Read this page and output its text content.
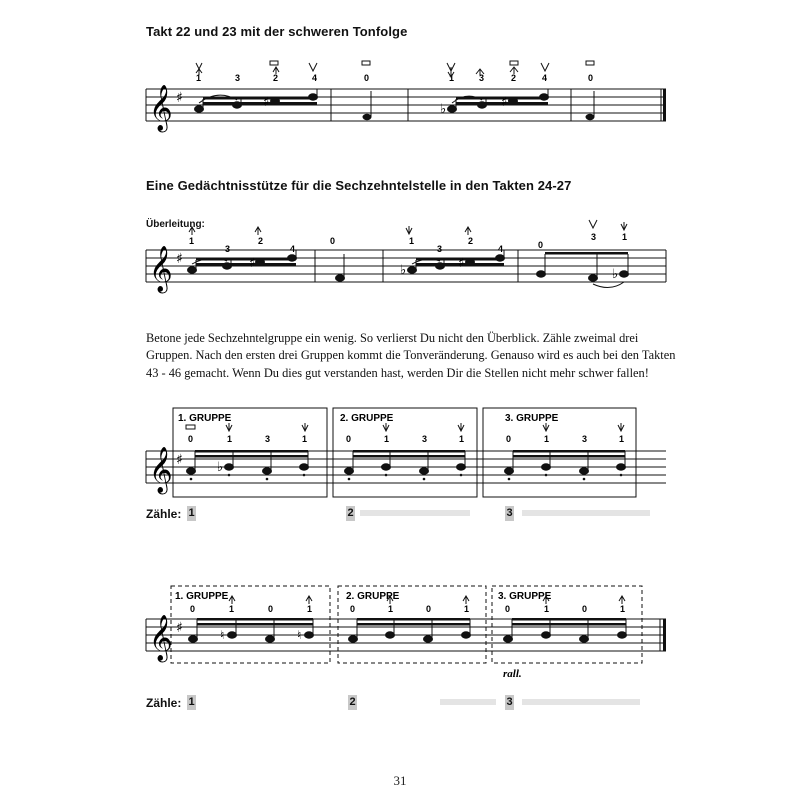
Takt 22 und 23 mit der schweren Tonfolge
𝄞 ♯	♯	♭	♯
1	3	2	4	0	1	3	2	4	0
Eine Gedächtnisstütze für die Sechzehntelstelle in den Takten 24-27
Überleitung:
𝄞 ♯	♯	♭	♯
♭
1
3
2
4
0	1
3
2
4	0
3	1
Betone jede Sechzehntelgruppe ein wenig. So verlierst Du nicht den Überblick. Zähle zweimal drei
Gruppen. Nach den ersten drei Gruppen kommt die Tonveränderung. Genauso wird es auch bei den Takten
43 - 46 gemacht. Wenn Du dies gut verstanden hast, werden Dir die Stellen nicht mehr schwer fallen!
1. GRUPPE	2. GRUPPE	3. GRUPPE
𝄞 ♯	♭
0	1	3	1	0	1	3	1	0	1	3	1
Zähle: 1	2	3
1. GRUPPE	2. GRUPPE	3. GRUPPE
𝄞 ♯	♮	♮
0	1	0	1	0	1	0	1	0	1	0	1
rall.
Zähle: 1	2	3
31
